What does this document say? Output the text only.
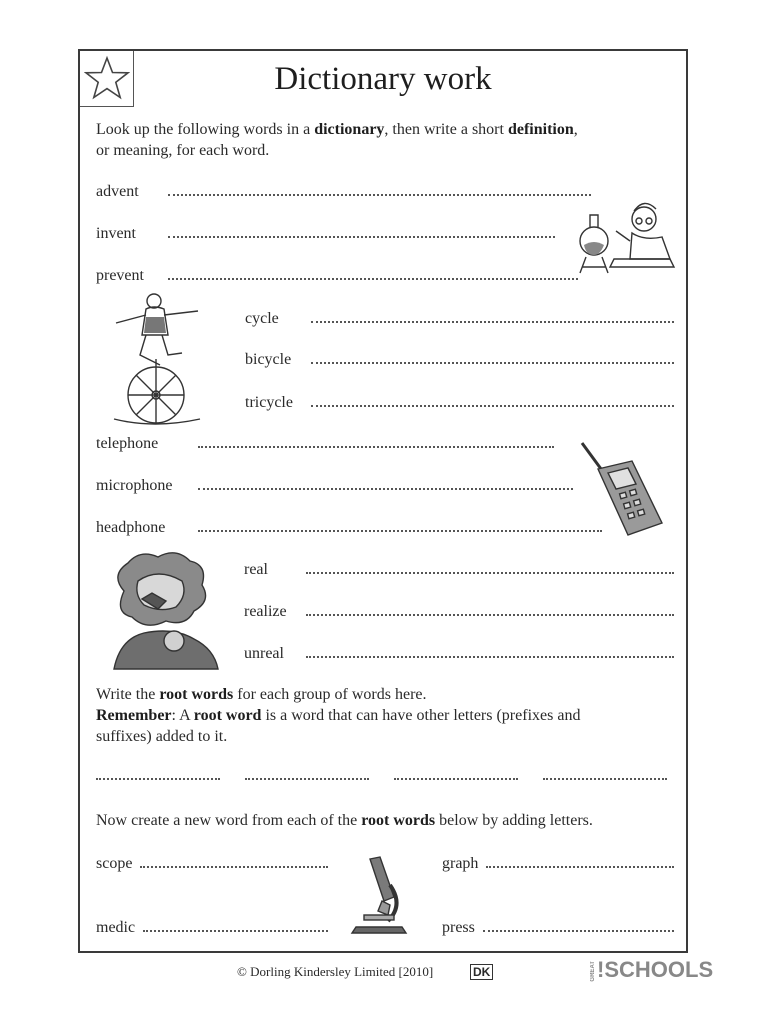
Dictionary work
Look up the following words in a dictionary, then write a short definition,
or meaning, for each word.
advent
invent
prevent
cycle
bicycle
tricycle
telephone
microphone
headphone
real
realize
unreal
Write the root words for each group of words here.
Remember: A root word is a word that can have other letters (prefixes and
suffixes) added to it.
Now create a new word from each of the root words below by adding letters.
scope	graph
medic	press
© Dorling Kindersley Limited [2010]	DK	GREAT ! SCHOOLS
